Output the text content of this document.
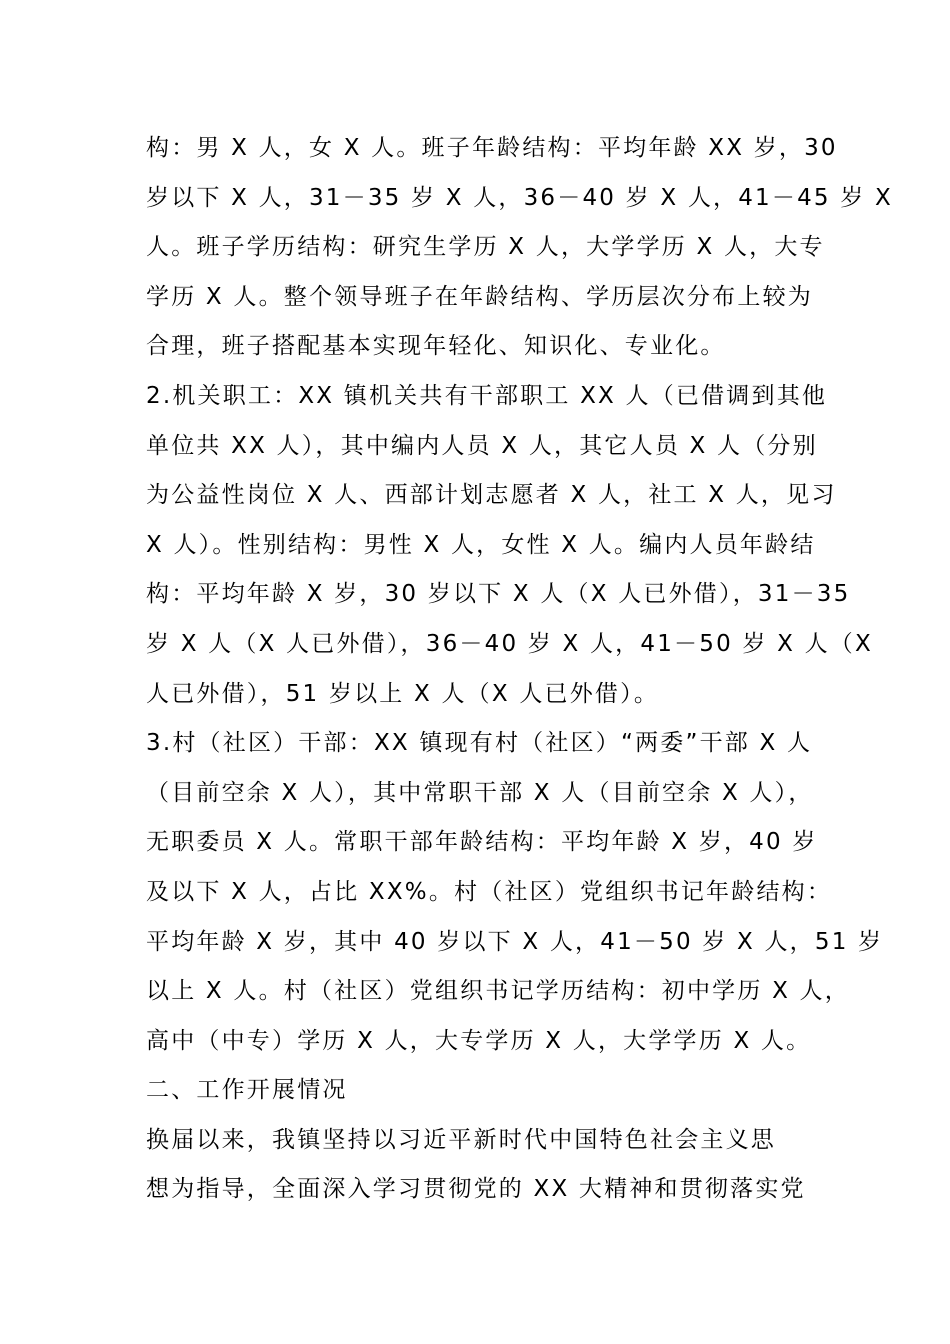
构：男 X 人，女 X 人。班子年龄结构：平均年龄 XX 岁，30
岁以下 X 人，31－35 岁 X 人，36－40 岁 X 人，41－45 岁 X
人。班子学历结构：研究生学历 X 人，大学学历 X 人，大专
学历 X 人。整个领导班子在年龄结构、学历层次分布上较为
合理，班子搭配基本实现年轻化、知识化、专业化。
2.机关职工：XX 镇机关共有干部职工 XX 人（已借调到其他
单位共 XX 人），其中编内人员 X 人，其它人员 X 人（分别
为公益性岗位 X 人、西部计划志愿者 X 人，社工 X 人，见习
X 人）。性别结构：男性 X 人，女性 X 人。编内人员年龄结
构：平均年龄 X 岁，30 岁以下 X 人（X 人已外借），31－35
岁 X 人（X 人已外借），36－40 岁 X 人，41－50 岁 X 人（X
人已外借），51 岁以上 X 人（X 人已外借）。
3.村（社区）干部：XX 镇现有村（社区）“两委”干部 X 人
（目前空余 X 人），其中常职干部 X 人（目前空余 X 人），
无职委员 X 人。常职干部年龄结构：平均年龄 X 岁，40 岁
及以下 X 人，占比 XX%。村（社区）党组织书记年龄结构：
平均年龄 X 岁，其中 40 岁以下 X 人，41－50 岁 X 人，51 岁
以上 X 人。村（社区）党组织书记学历结构：初中学历 X 人，
高中（中专）学历 X 人，大专学历 X 人，大学学历 X 人。
二、工作开展情况
换届以来，我镇坚持以习近平新时代中国特色社会主义思
想为指导，全面深入学习贯彻党的 XX 大精神和贯彻落实党
